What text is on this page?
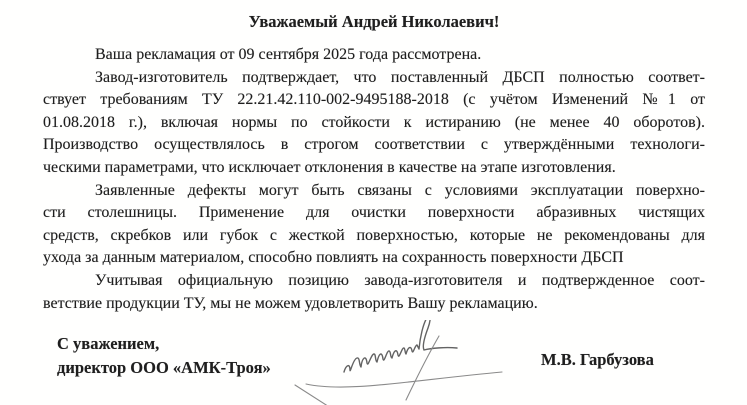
Уважаемый Андрей Николаевич!
Ваша рекламация от 09 сентября 2025 года рассмотрена.
Завод-изготовитель подтверждает, что поставленный ДБСП полностью соответ-
ствует требованиям ТУ 22.21.42.110-002-9495188-2018 (с учётом Изменений №1 от
01.08.2018 г.), включая нормы по стойкости к истиранию (не менее 40 оборотов).
Производство осуществлялось в строгом соответствии с утверждёнными технологи-
ческими параметрами, что исключает отклонения в качестве на этапе изготовления.
Заявленные дефекты могут быть связаны с условиями эксплуатации поверхно-
сти столешницы. Применение для очистки поверхности абразивных чистящих
средств, скребков или губок с жесткой поверхностью, которые не рекомендованы для
ухода за данным материалом, способно повлиять на сохранность поверхности ДБСП
Учитывая официальную позицию завода-изготовителя и подтвержденное соот-
ветствие продукции ТУ, мы не можем удовлетворить Вашу рекламацию.
С уважением,
директор ООО «АМК-Троя»	М.В. Гарбузова
